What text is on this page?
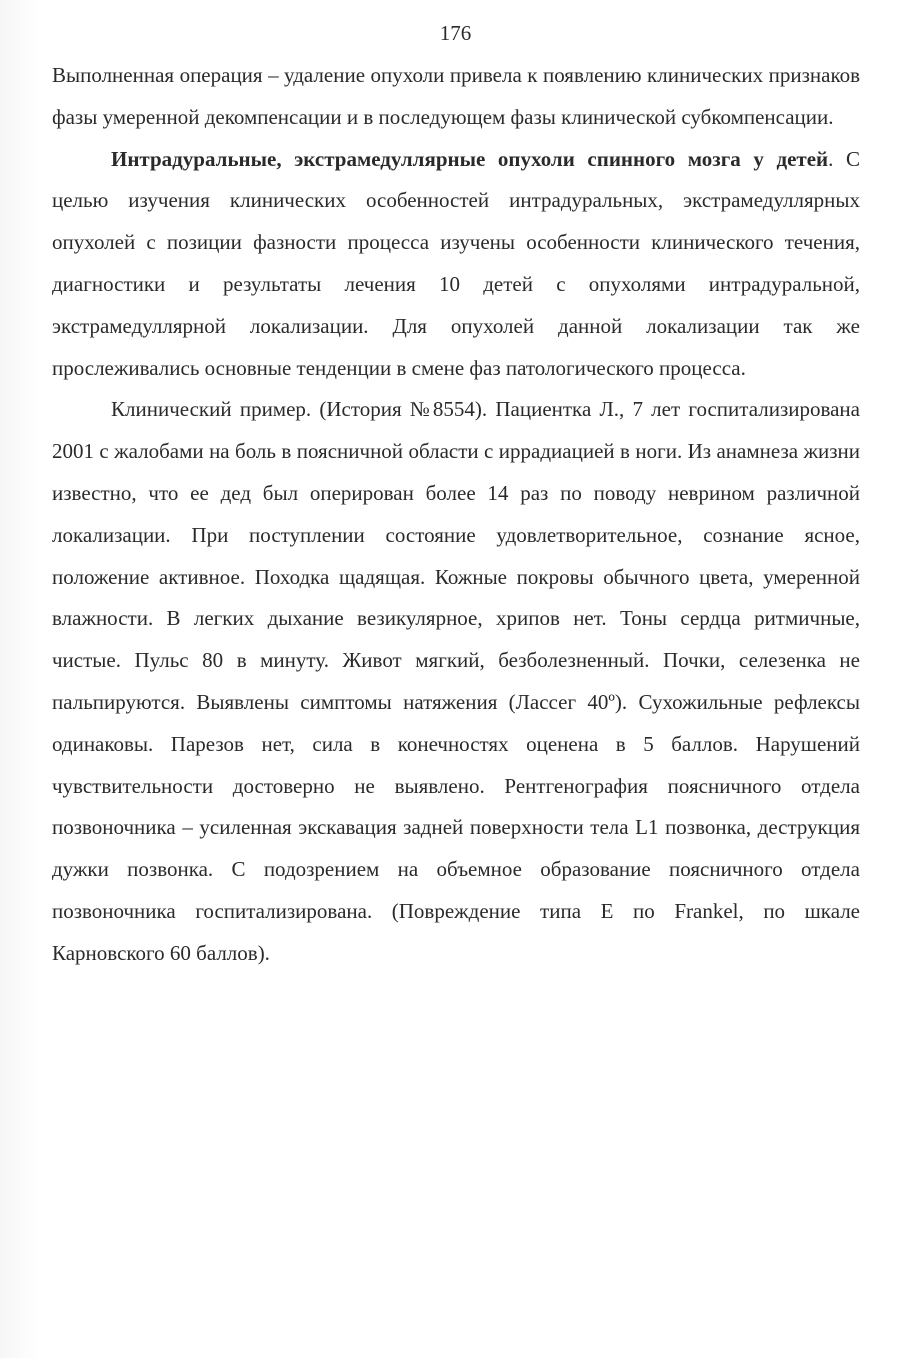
176

Выполненная операция – удаление опухоли привела к появлению клинических признаков фазы умеренной декомпенсации и в последующем фазы клинической субкомпенсации.

Интрадуральные, экстрамедуллярные опухоли спинного мозга у детей. С целью изучения клинических особенностей интрадуральных, экстрамедуллярных опухолей с позиции фазности процесса изучены особенности клинического течения, диагностики и результаты лечения 10 детей с опухолями интрадуральной, экстрамедуллярной локализации. Для опухолей данной локализации так же прослеживались основные тенденции в смене фаз патологического процесса.

Клинический пример. (История №8554). Пациентка Л., 7 лет госпитализирована 2001 с жалобами на боль в поясничной области с иррадиацией в ноги. Из анамнеза жизни известно, что ее дед был оперирован более 14 раз по поводу неврином различной локализации. При поступлении состояние удовлетворительное, сознание ясное, положение активное. Походка щадящая. Кожные покровы обычного цвета, умеренной влажности. В легких дыхание везикулярное, хрипов нет. Тоны сердца ритмичные, чистые. Пульс 80 в минуту. Живот мягкий, безболезненный. Почки, селезенка не пальпируются. Выявлены симптомы натяжения (Лассег 40º). Сухожильные рефлексы одинаковы. Парезов нет, сила в конечностях оценена в 5 баллов. Нарушений чувствительности достоверно не выявлено. Рентгенография поясничного отдела позвоночника – усиленная экскавация задней поверхности тела L1 позвонка, деструкция дужки позвонка. С подозрением на объемное образование поясничного отдела позвоночника госпитализирована. (Повреждение типа Е по Frankel, по шкале Карновского 60 баллов).
